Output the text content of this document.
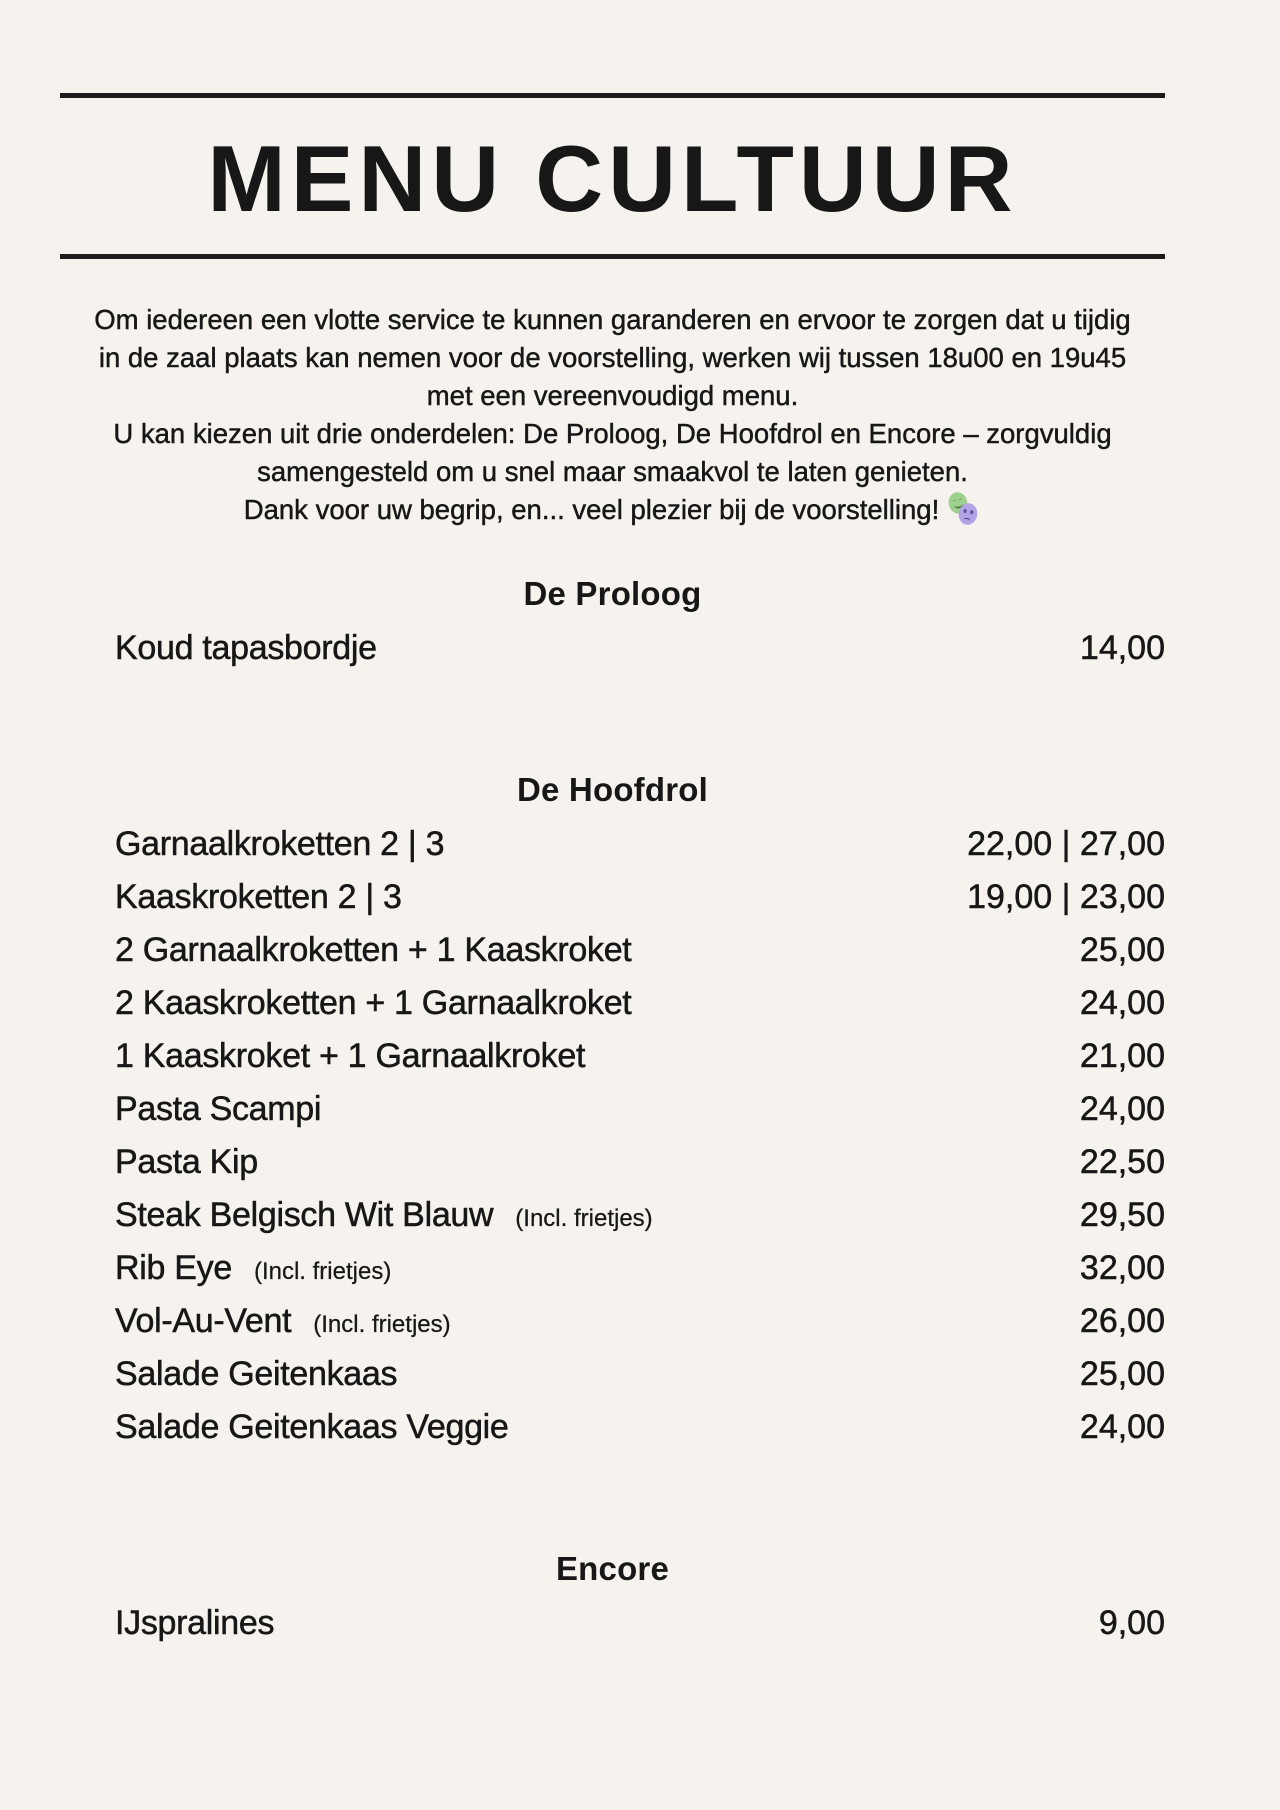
MENU CULTUUR
Om iedereen een vlotte service te kunnen garanderen en ervoor te zorgen dat u tijdig
in de zaal plaats kan nemen voor de voorstelling, werken wij tussen 18u00 en 19u45
met een vereenvoudigd menu.
U kan kiezen uit drie onderdelen: De Proloog, De Hoofdrol en Encore – zorgvuldig
samengesteld om u snel maar smaakvol te laten genieten.
Dank voor uw begrip, en... veel plezier bij de voorstelling!
De Proloog
Koud tapasbordje	14,00
De Hoofdrol
Garnaalkroketten 2 | 3	22,00 | 27,00
Kaaskroketten 2 | 3	19,00 | 23,00
2 Garnaalkroketten + 1 Kaaskroket	25,00
2 Kaaskroketten + 1 Garnaalkroket	24,00
1 Kaaskroket + 1 Garnaalkroket	21,00
Pasta Scampi	24,00
Pasta Kip	22,50
Steak Belgisch Wit Blauw (Incl. frietjes)	29,50
Rib Eye (Incl. frietjes)	32,00
Vol-Au-Vent (Incl. frietjes)	26,00
Salade Geitenkaas	25,00
Salade Geitenkaas Veggie	24,00
Encore
IJspralines	9,00
